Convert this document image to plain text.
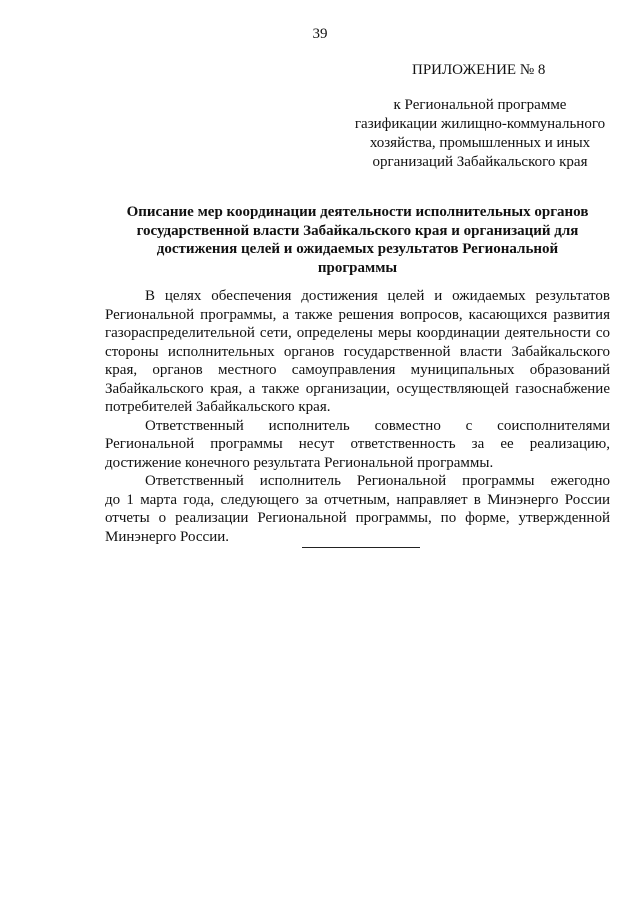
39
ПРИЛОЖЕНИЕ № 8
к Региональной программе
газификации жилищно-коммунального
хозяйства, промышленных и иных
организаций Забайкальского края
Описание мер координации деятельности исполнительных органов
государственной власти Забайкальского края и организаций для
достижения целей и ожидаемых результатов Региональной
программы
В целях обеспечения достижения целей и ожидаемых результатов
Региональной программы, а также решения вопросов, касающихся развития
газораспределительной сети, определены меры координации деятельности со
стороны исполнительных органов государственной власти Забайкальского
края, органов местного самоуправления муниципальных образований
Забайкальского края, а также организации, осуществляющей газоснабжение
потребителей Забайкальского края.
Ответственный исполнитель совместно с соисполнителями
Региональной программы несут ответственность за ее реализацию,
достижение конечного результата Региональной программы.
Ответственный исполнитель Региональной программы ежегодно
до 1 марта года, следующего за отчетным, направляет в Минэнерго России
отчеты о реализации Региональной программы, по форме, утвержденной
Минэнерго России.
